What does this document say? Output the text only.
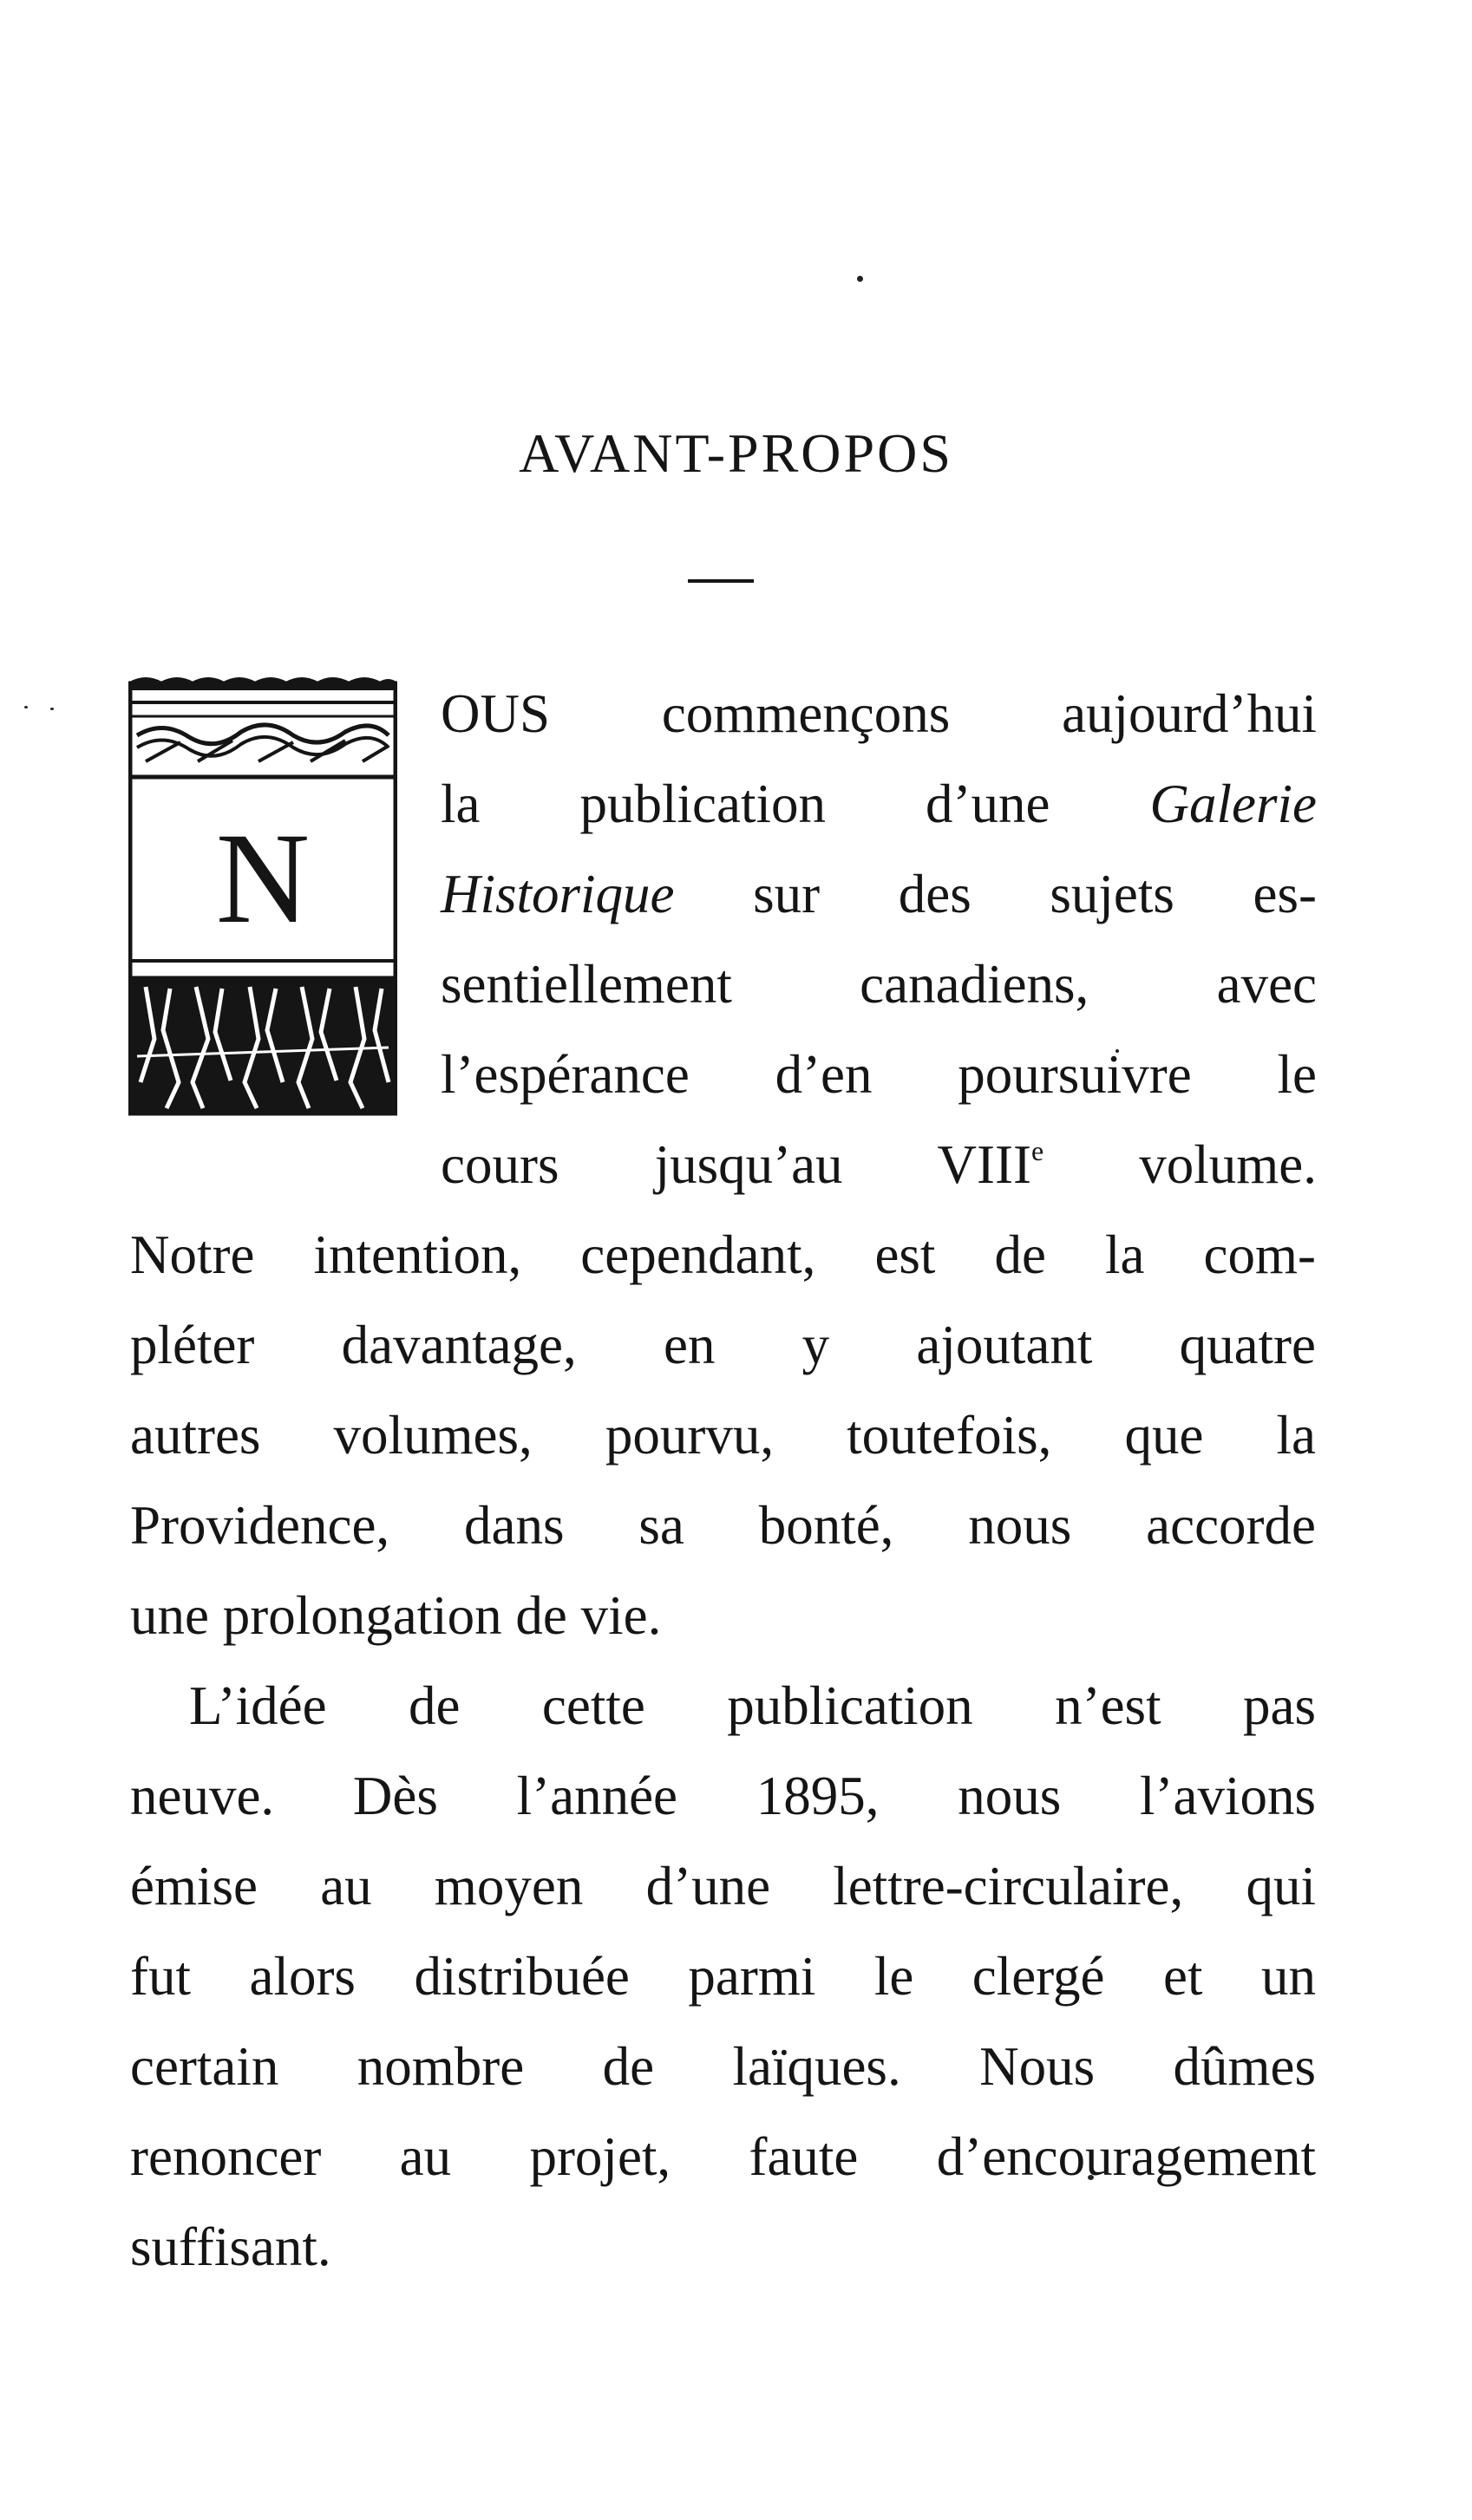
AVANT-PROPOS
N
OUS commençons aujourd’hui
la publication d’une Galerie
Historique sur des sujets es-
sentiellement canadiens, avec
l’espérance d’en poursuivre le
cours jusqu’au VIIIe volume.
Notre intention, cependant, est de la com-
pléter davantage, en y ajoutant quatre
autres volumes, pourvu, toutefois, que la
Providence, dans sa bonté, nous accorde
une prolongation de vie.
L’idée de cette publication n’est pas
neuve. Dès l’année 1895, nous l’avions
émise au moyen d’une lettre-circulaire, qui
fut alors distribuée parmi le clergé et un
certain nombre de laïques. Nous dûmes
renoncer au projet, faute d’encouragement
suffisant.
